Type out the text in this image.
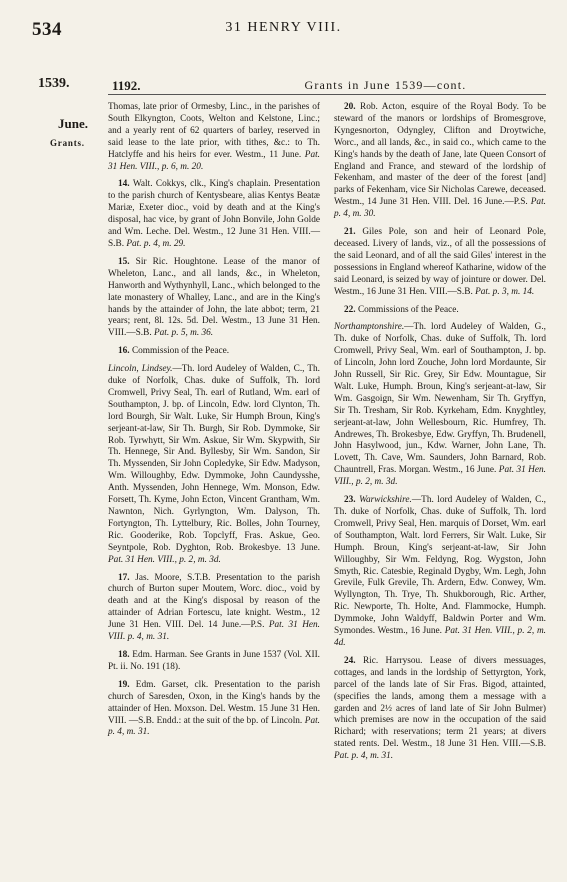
534	31 HENRY VIII.
1539.
June.
Grants.
1192.	Grants in June 1539—cont.

Thomas, late prior of Ormesby, Linc., in the parishes of South Elkyngton, Coots, Welton and Kelstone, Linc.; and a yearly rent of 62 quarters of barley, reserved in said lease to the late prior, with tithes, &c.: to Th. Hatclyffe and his heirs for ever. Westm., 11 June. Pat. 31 Hen. VIII., p. 6, m. 20.

14. Walt. Cokkys, clk., King's chaplain. Presentation to the parish church of Kentysbeare, alias Kentys Beatæ Mariæ, Exeter dioc., void by death and at the King's disposal, hac vice, by grant of John Bonvile, John Golde and Wm. Leche. Del. Westm., 12 June 31 Hen. VIII.—S.B. Pat. p. 4, m. 29.

15. Sir Ric. Houghtone. Lease of the manor of Wheleton, Lanc., and all lands, &c., in Wheleton, Hanworth and Wythynhyll, Lanc., which belonged to the late monastery of Whalley, Lanc., and are in the King's hands by the attainder of John, the late abbot; term, 21 years; rent, 8l. 12s. 5d. Del. Westm., 13 June 31 Hen. VIII.—S.B. Pat. p. 5, m. 36.

16. Commission of the Peace.

Lincoln, Lindsey.—Th. lord Audeley of Walden, C., Th. duke of Norfolk, Chas. duke of Suffolk, Th. lord Cromwell, Privy Seal, Th. earl of Rutland, Wm. earl of Southampton, J. bp. of Lincoln, Edw. lord Clynton, Th. lord Bourgh, Sir Walt. Luke, Sir Humph Broun, King's serjeant-at-law, Sir Th. Burgh, Sir Rob. Dymmoke, Sir Rob. Tyrwhytt, Sir Wm. Askue, Sir Wm. Skypwith, Sir Th. Hennege, Sir And. Byllesby, Sir Wm. Sandon, Sir Th. Myssenden, Sir John Copledyke, Sir Edw. Madyson, Wm. Willoughby, Edw. Dymmoke, John Caundysshe, Anth. Myssenden, John Hennege, Wm. Monson, Edw. Forsett, Th. Kyme, John Ecton, Vincent Grantham, Wm. Nawnton, Nich. Gyrlyngton, Wm. Dalyson, Th. Fortyngton, Th. Lyttelbury, Ric. Bolles, John Tourney, Ric. Gooderike, Rob. Topclyff, Fras. Askue, Geo. Seyntpole, Rob. Dyghton, Rob. Brokesbye. 13 June. Pat. 31 Hen. VIII., p. 2, m. 3d.

17. Jas. Moore, S.T.B. Presentation to the parish church of Burton super Moutem, Worc. dioc., void by death and at the King's disposal by reason of the attainder of Adrian Fortescu, late knight. Westm., 12 June 31 Hen. VIII. Del. 14 June.—P.S. Pat. 31 Hen. VIII. p. 4, m. 31.

18. Edm. Harman. See Grants in June 1537 (Vol. XII. Pt. ii. No. 191 (18).

19. Edm. Garset, clk. Presentation to the parish church of Saresden, Oxon, in the King's hands by the attainder of Hen. Moxson. Del. Westm. 15 June 31 Hen. VIII. —S.B. Endd.: at the suit of the bp. of Lincoln. Pat. p. 4, m. 31.

20. Rob. Acton, esquire of the Royal Body. To be steward of the manors or lordships of Bromesgrove, Kyngesnorton, Odyngley, Clifton and Droytwiche, Worc., and all lands, &c., in said co., which came to the King's hands by the death of Jane, late Queen Consort of England and France, and steward of the lordship of Fekenham, and master of the deer of the forest [and] parks of Fekenham, vice Sir Nicholas Carewe, deceased. Westm., 14 June 31 Hen. VIII. Del. 16 June.—P.S. Pat. p. 4, m. 30.

21. Giles Pole, son and heir of Leonard Pole, deceased. Livery of lands, viz., of all the possessions of the said Leonard, and of all the said Giles' interest in the possessions in England whereof Katharine, widow of the said Leonard, is seized by way of jointure or dower. Del. Westm., 16 June 31 Hen. VIII.—S.B. Pat. p. 3, m. 14.

22. Commissions of the Peace.

Northamptonshire.—Th. lord Audeley of Walden, G., Th. duke of Norfolk, Chas. duke of Suffolk, Th. lord Cromwell, Privy Seal, Wm. earl of Southampton, J. bp. of Lincoln, John lord Zouche, John lord Mordaunte, Sir John Russell, Sir Ric. Grey, Sir Edw. Mountague, Sir Walt. Luke, Humph. Broun, King's serjeant-at-law, Sir Wm. Gasgoign, Sir Wm. Newenham, Sir Th. Gryffyn, Sir Th. Tresham, Sir Rob. Kyrkeham, Edm. Knyghtley, serjeant-at-law, John Wellesbourn, Ric. Humfrey, Th. Andrewes, Th. Brokesbye, Edw. Gryffyn, Th. Brudenell, John Hasylwood, jun., Kdw. Warner, John Lane, Th. Lovett, Th. Cave, Wm. Saunders, John Barnard, Rob. Chauntrell, Fras. Morgan. Westm., 16 June. Pat. 31 Hen. VIII., p. 2, m. 3d.

23. Warwickshire.—Th. lord Audeley of Walden, C., Th. duke of Norfolk, Chas. duke of Suffolk, Th. lord Cromwell, Privy Seal, Hen. marquis of Dorset, Wm. earl of Southampton, Walt. lord Ferrers, Sir Walt. Luke, Sir Humph. Broun, King's serjeant-at-law, Sir John Willoughby, Sir Wm. Feldyng, Rog. Wygston, John Smyth, Ric. Catesbie, Reginald Dygby, Wm. Legh, John Grevile, Fulk Grevile, Th. Ardern, Edw. Conwey, Wm. Wyllyngton, Th. Trye, Th. Shukborough, Ric. Arther, Ric. Newporte, Th. Holte, And. Flammocke, Humph. Dymmoke, John Waldyff, Baldwin Porter and Wm. Symondes. Westm., 16 June. Pat. 31 Hen. VIII., p. 2, m. 4d.

24. Ric. Harrysou. Lease of divers messuages, cottages, and lands in the lordship of Settyrgton, York, parcel of the lands late of Sir Fras. Bigod, attainted, (specifies the lands, among them a message with a garden and 2½ acres of land late of Sir John Bulmer) which premises are now in the occupation of the said Richard; with reservations; term 21 years; at divers stated rents. Del. Westm., 18 June 31 Hen. VIII.—S.B. Pat. p. 4, m. 31.
